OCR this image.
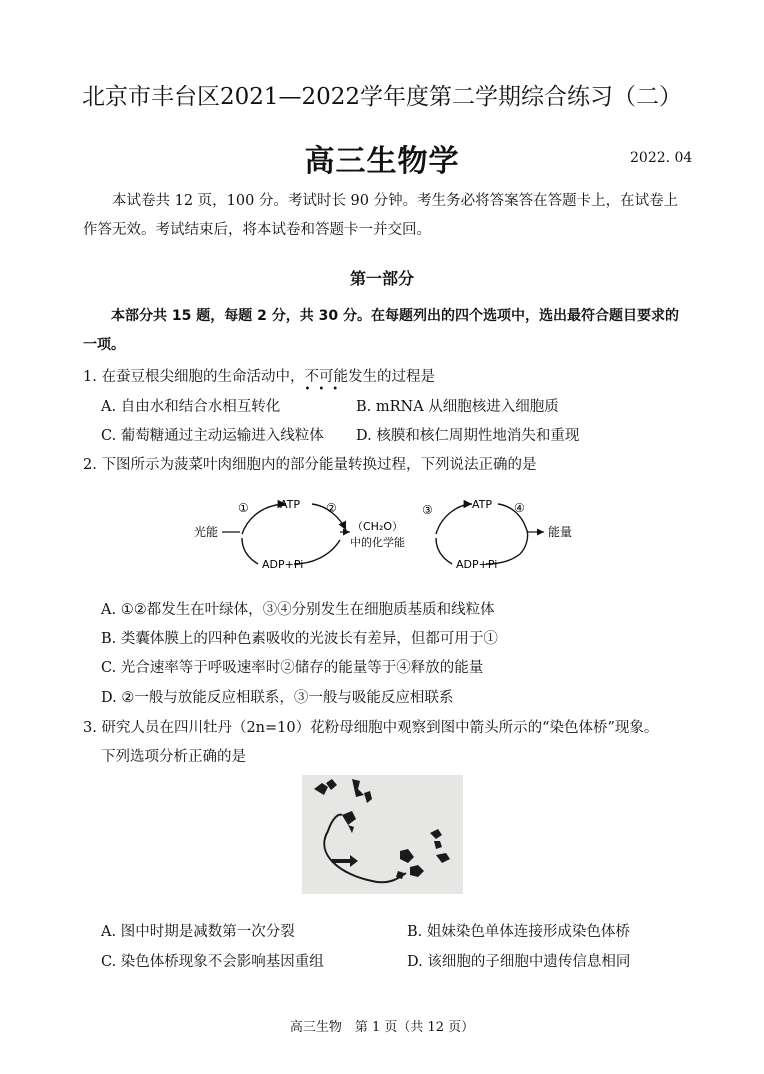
北京市丰台区2021—2022学年度第二学期综合练习（二）
高三生物学	2022. 04
本试卷共 12 页，100 分。考试时长 90 分钟。考生务必将答案答在答题卡上，在试卷上作答无效。考试结束后，将本试卷和答题卡一并交回。
第一部分
本部分共 15 题，每题 2 分，共 30 分。在每题列出的四个选项中，选出最符合题目要求的一项。
1. 在蚕豆根尖细胞的生命活动中，不可能
•••
发生的过程是
A. 自由水和结合水相互转化	B. mRNA 从细胞核进入细胞质
C. 葡萄糖通过主动运输进入线粒体 D. 核膜和核仁周期性地消失和重现
2. 下图所示为菠菜叶肉细胞内的部分能量转换过程，下列说法正确的是
光能
ATP
ADP+Pi
①	②
（CH₂O）
中的化学能
③	ATP ④
ADP+Pi
能量
A. ①②都发生在叶绿体，③④分别发生在细胞质基质和线粒体
B. 类囊体膜上的四种色素吸收的光波长有差异，但都可用于①
C. 光合速率等于呼吸速率时②储存的能量等于④释放的能量
D. ②一般与放能反应相联系，③一般与吸能反应相联系
3. 研究人员在四川牡丹（2n=10）花粉母细胞中观察到图中箭头所示的“染色体桥”现象。
下列选项分析正确的是
A. 图中时期是减数第一次分裂	B. 姐妹染色单体连接形成染色体桥
C. 染色体桥现象不会影响基因重组	D. 该细胞的子细胞中遗传信息相同
高三生物　第 1 页（共 12 页）
